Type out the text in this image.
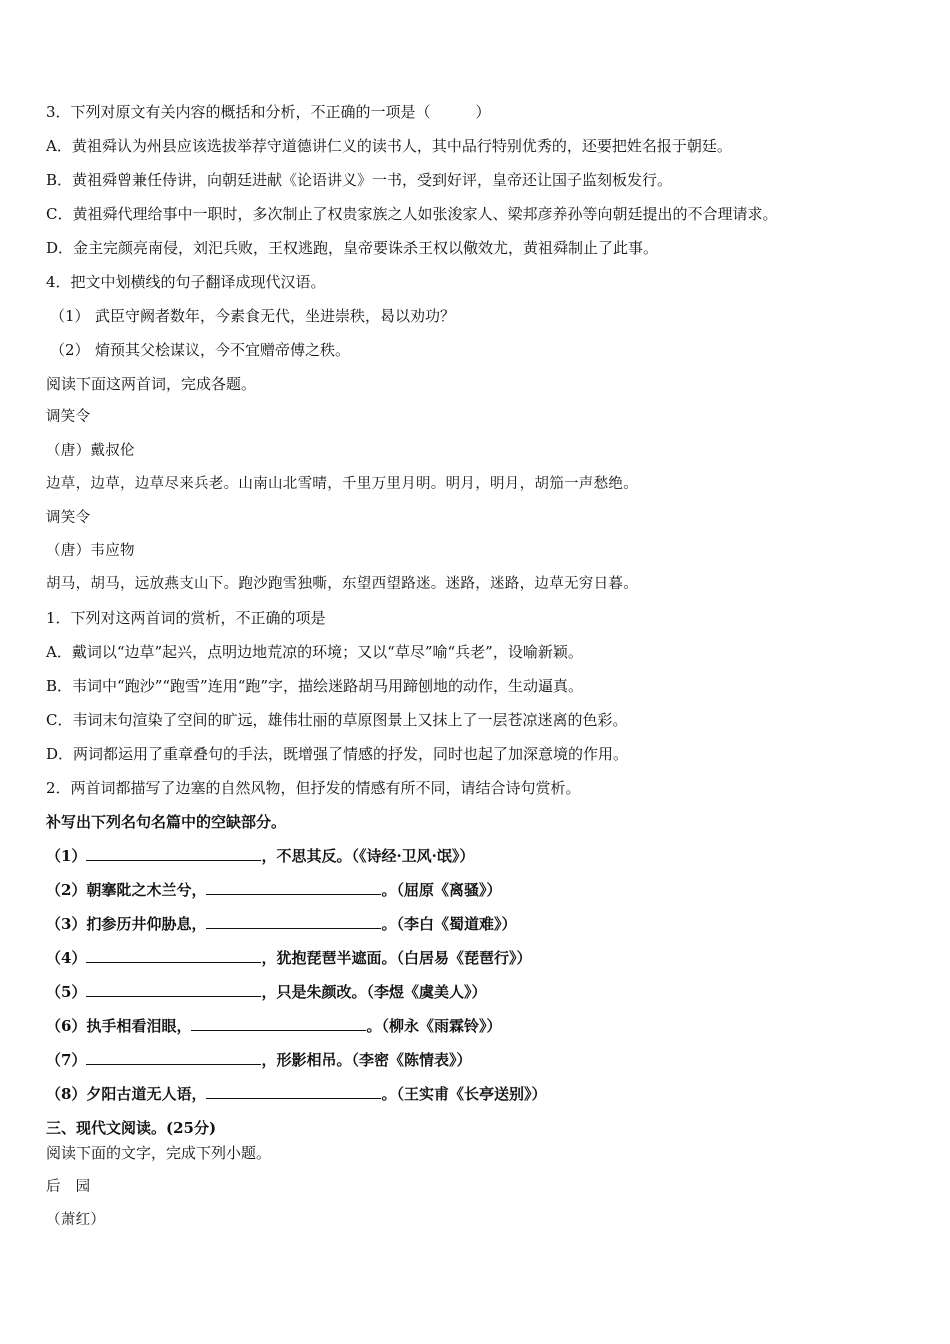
3．下列对原文有关内容的概括和分析，不正确的一项是（　　　）
A．黄祖舜认为州县应该选拔举荐守道德讲仁义的读书人，其中品行特别优秀的，还要把姓名报于朝廷。
B．黄祖舜曾兼任侍讲，向朝廷进献《论语讲义》一书，受到好评，皇帝还让国子监刻板发行。
C．黄祖舜代理给事中一职时，多次制止了权贵家族之人如张浚家人、梁邦彦养孙等向朝廷提出的不合理请求。
D．金主完颜亮南侵，刘汜兵败，王权逃跑，皇帝要诛杀王权以儆效尤，黄祖舜制止了此事。
4．把文中划横线的句子翻译成现代汉语。
（1） 武臣守阙者数年，今素食无代，坐进崇秩，曷以劝功？
（2） 焴预其父桧谋议，今不宜赠帝傅之秩。
阅读下面这两首词，完成各题。
调笑令
（唐）戴叔伦
边草，边草，边草尽来兵老。山南山北雪晴，千里万里月明。明月，明月，胡笳一声愁绝。
调笑令
（唐）韦应物
胡马，胡马，远放燕支山下。跑沙跑雪独嘶，东望西望路迷。迷路，迷路，边草无穷日暮。
1．下列对这两首词的赏析，不正确的项是
A．戴词以“边草”起兴，点明边地荒凉的环境；又以“草尽”喻“兵老”，设喻新颖。
B．韦词中“跑沙”“跑雪”连用“跑”字，描绘迷路胡马用蹄刨地的动作，生动逼真。
C．韦词末句渲染了空间的旷远，雄伟壮丽的草原图景上又抹上了一层苍凉迷离的色彩。
D．两词都运用了重章叠句的手法，既增强了情感的抒发，同时也起了加深意境的作用。
2．两首词都描写了边塞的自然风物，但抒发的情感有所不同，请结合诗句赏析。
补写出下列名句名篇中的空缺部分。
（1）	，不思其反。（《诗经·卫风·氓》）
（2）朝搴阰之木兰兮，	。（屈原《离骚》）
（3）扪参历井仰胁息，	。（李白《蜀道难》）
（4）	，犹抱琵琶半遮面。（白居易《琵琶行》）
（5）	，只是朱颜改。（李煜《虞美人》）
（6）执手相看泪眼，	。（柳永《雨霖铃》）
（7）	，形影相吊。（李密《陈情表》）
（8）夕阳古道无人语，	。（王实甫《长亭送别》）
三、现代文阅读。(25分)
阅读下面的文字，完成下列小题。
后　园
（萧红）
